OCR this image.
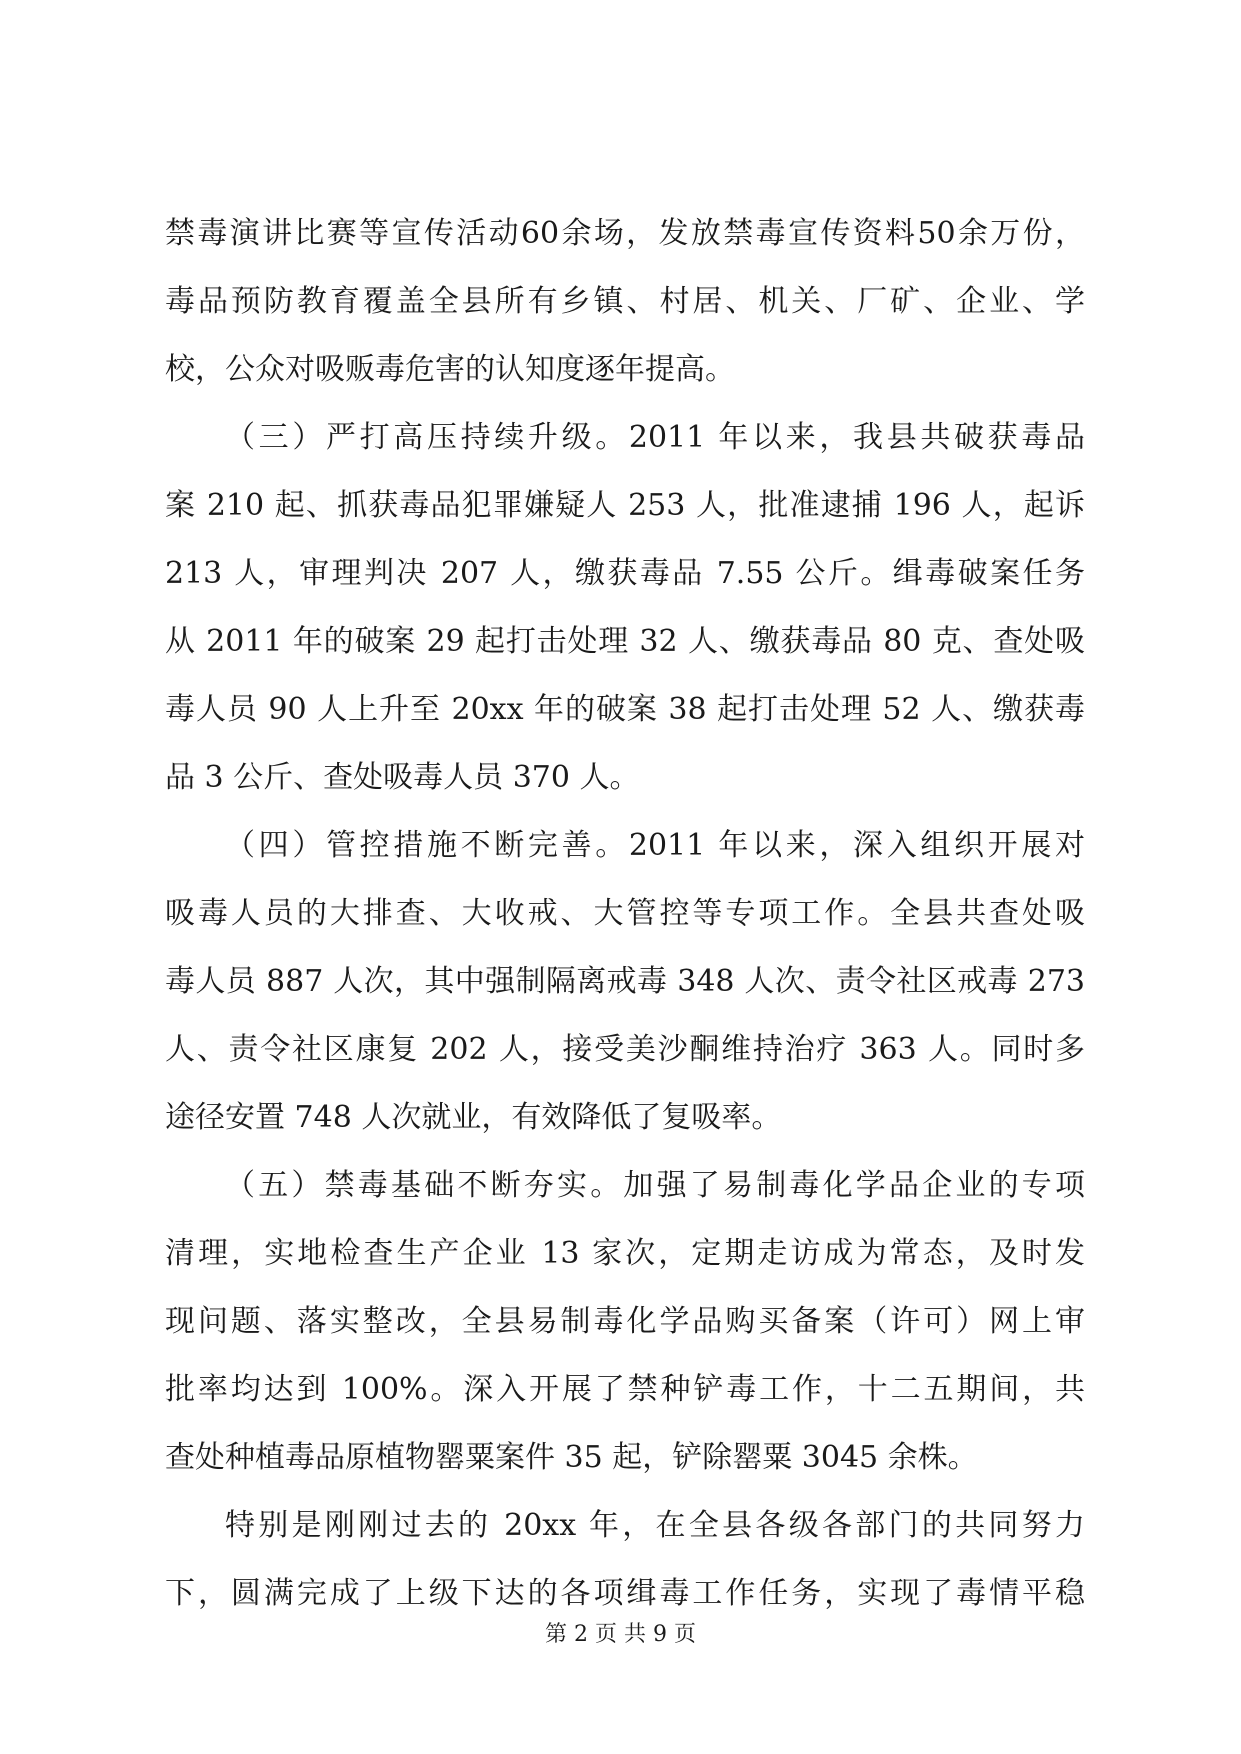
禁毒演讲比赛等宣传活动60余场，发放禁毒宣传资料50余万份，
毒品预防教育覆盖全县所有乡镇、村居、机关、厂矿、企业、学
校，公众对吸贩毒危害的认知度逐年提高。
（三）严打高压持续升级。2011 年以来，我县共破获毒品
案 210 起、抓获毒品犯罪嫌疑人 253 人，批准逮捕 196 人，起诉
213 人，审理判决 207 人，缴获毒品 7.55 公斤。缉毒破案任务
从 2011 年的破案 29 起打击处理 32 人、缴获毒品 80 克、查处吸
毒人员 90 人上升至 20xx 年的破案 38 起打击处理 52 人、缴获毒
品 3 公斤、查处吸毒人员 370 人。
（四）管控措施不断完善。2011 年以来，深入组织开展对
吸毒人员的大排查、大收戒、大管控等专项工作。全县共查处吸
毒人员 887 人次，其中强制隔离戒毒 348 人次、责令社区戒毒 273
人、责令社区康复 202 人，接受美沙酮维持治疗 363 人。同时多
途径安置 748 人次就业，有效降低了复吸率。
（五）禁毒基础不断夯实。加强了易制毒化学品企业的专项
清理，实地检查生产企业 13 家次，定期走访成为常态，及时发
现问题、落实整改，全县易制毒化学品购买备案（许可）网上审
批率均达到 100%。深入开展了禁种铲毒工作，十二五期间，共
查处种植毒品原植物罂粟案件 35 起，铲除罂粟 3045 余株。
特别是刚刚过去的 20xx 年，在全县各级各部门的共同努力
下，圆满完成了上级下达的各项缉毒工作任务，实现了毒情平稳
第 2 页 共 9 页
